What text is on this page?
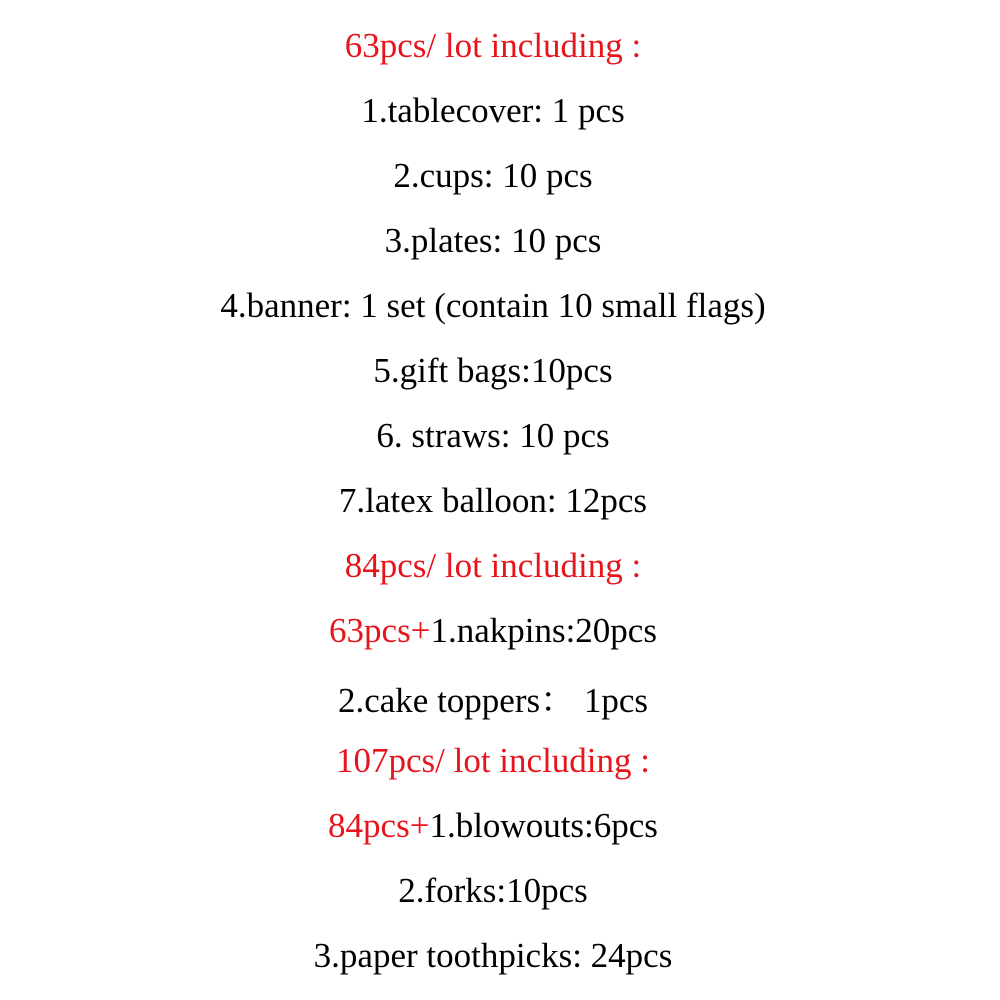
63pcs/ lot including :
1.tablecover: 1 pcs
2.cups: 10 pcs
3.plates: 10 pcs
4.banner: 1 set (contain 10 small flags)
5.gift bags:10pcs
6. straws: 10 pcs
7.latex balloon: 12pcs
84pcs/ lot including :
63pcs+1.nakpins:20pcs
2.cake toppers： 1pcs
107pcs/ lot including :
84pcs+1.blowouts:6pcs
2.forks:10pcs
3.paper toothpicks: 24pcs
